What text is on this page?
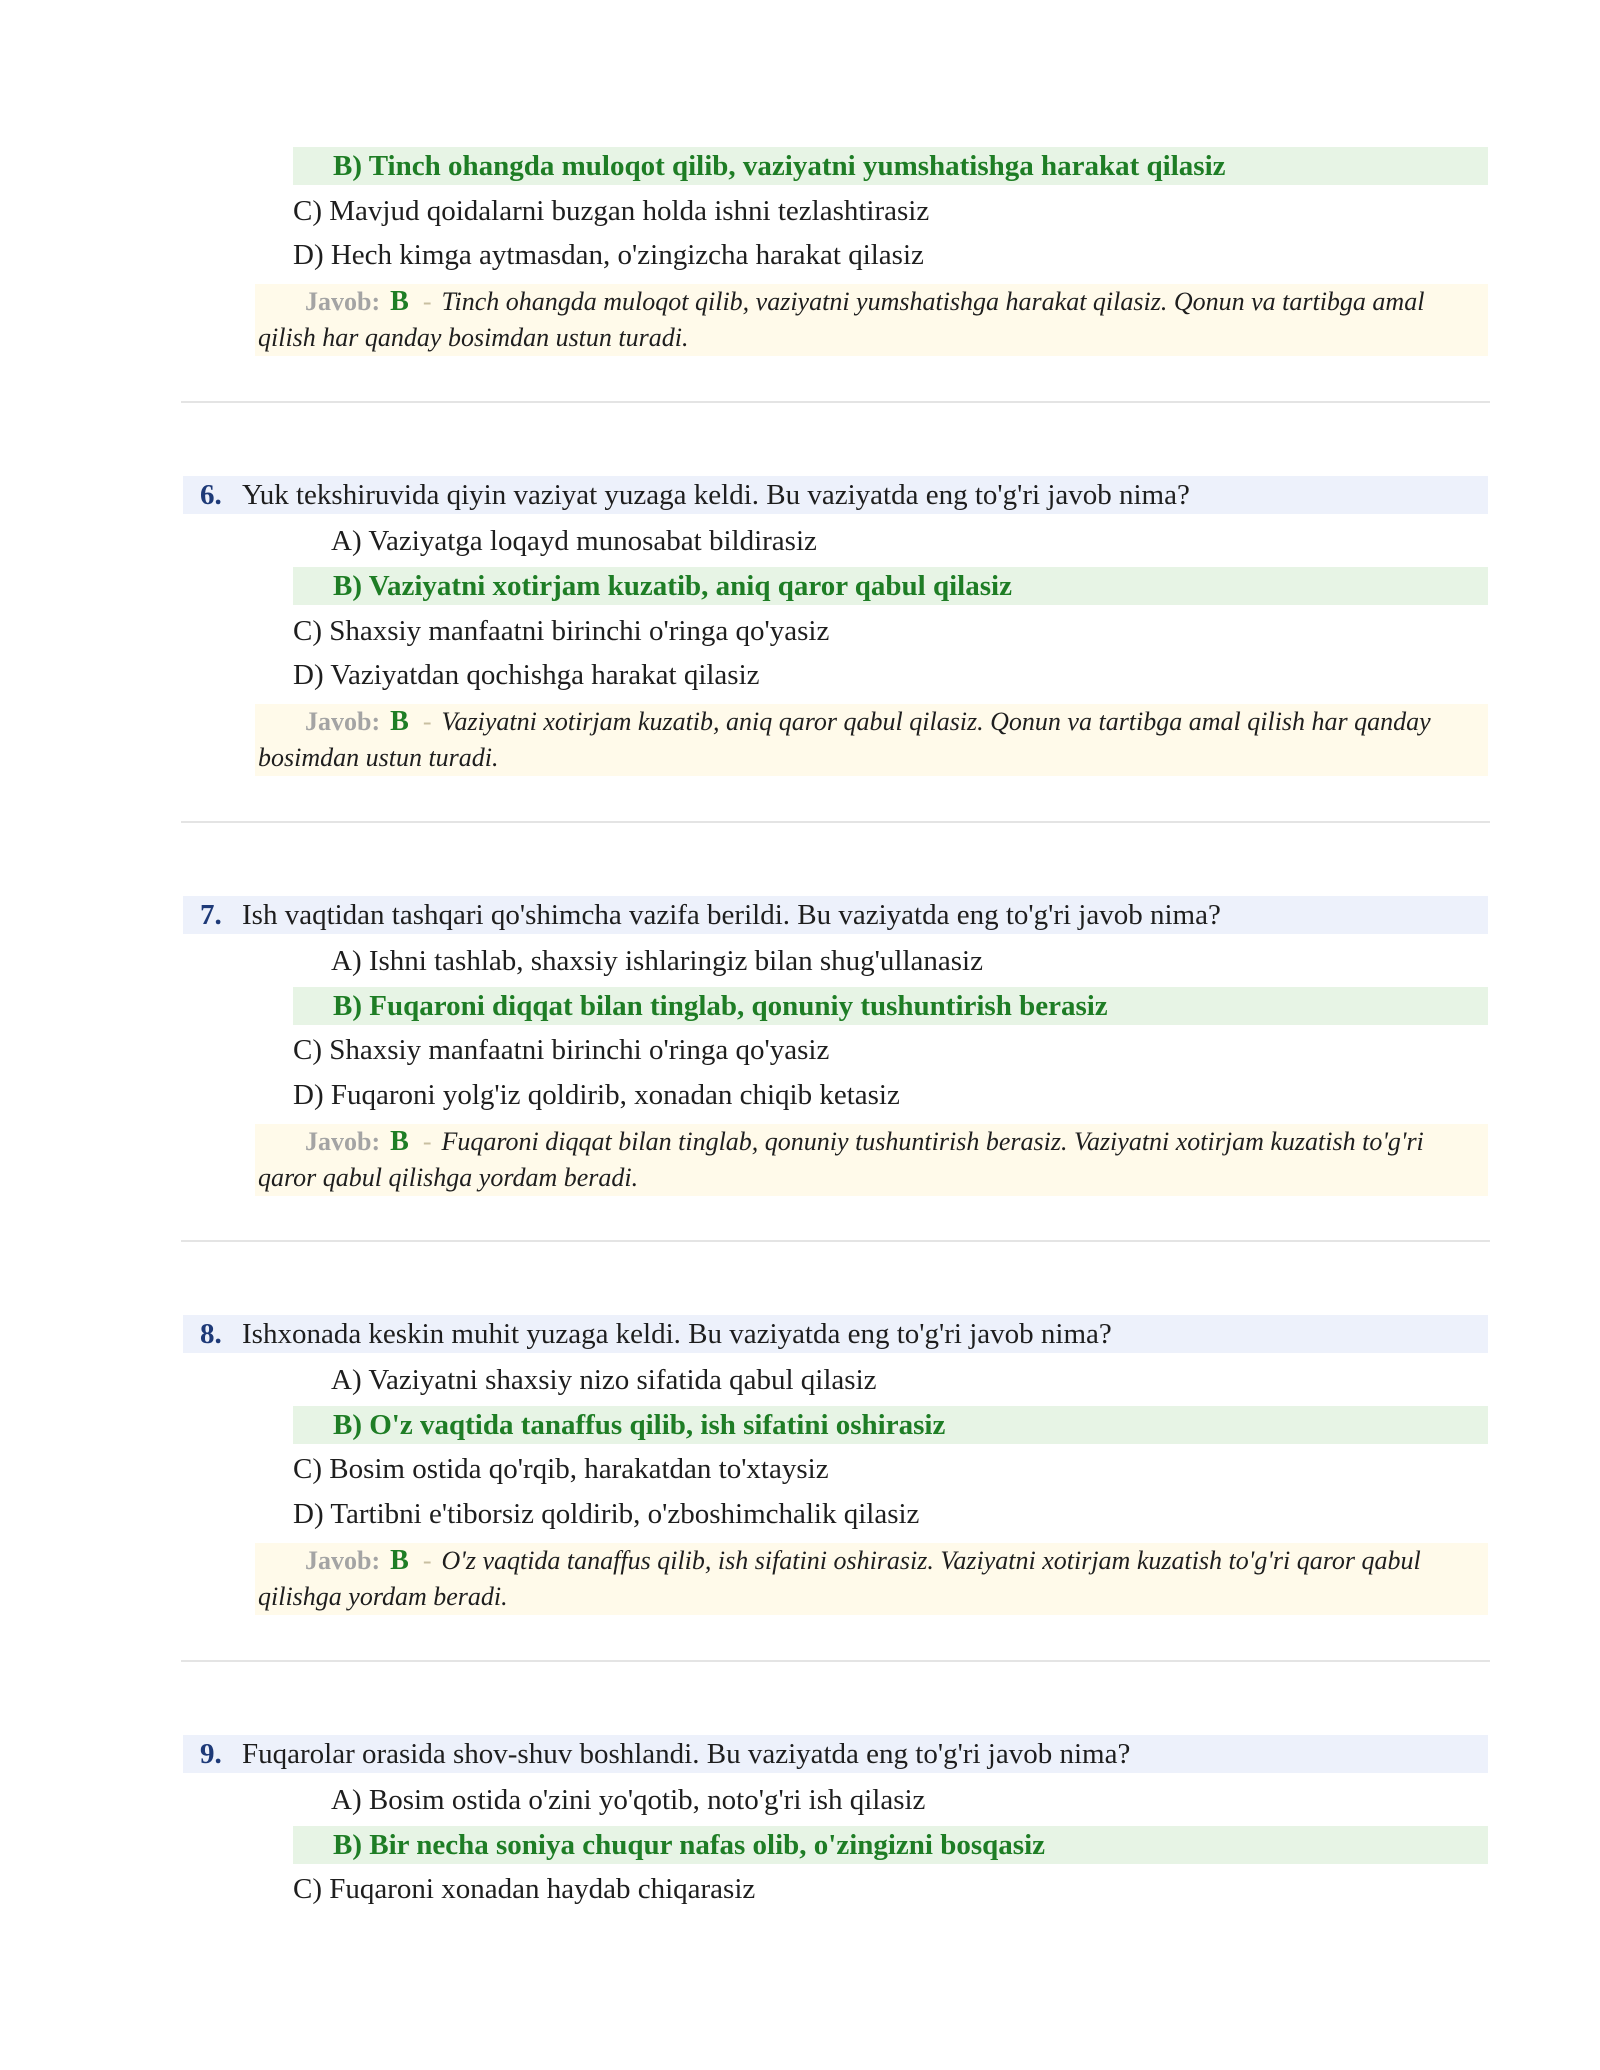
B) Tinch ohangda muloqot qilib, vaziyatni yumshatishga harakat qilasiz
C) Mavjud qoidalarni buzgan holda ishni tezlashtirasiz
D) Hech kimga aytmasdan, o'zingizcha harakat qilasiz
Javob: B - Tinch ohangda muloqot qilib, vaziyatni yumshatishga harakat qilasiz. Qonun va tartibga amal qilish har qanday bosimdan ustun turadi.
6. Yuk tekshiruvida qiyin vaziyat yuzaga keldi. Bu vaziyatda eng to'g'ri javob nima?
A) Vaziyatga loqayd munosabat bildirasiz
B) Vaziyatni xotirjam kuzatib, aniq qaror qabul qilasiz
C) Shaxsiy manfaatni birinchi o'ringa qo'yasiz
D) Vaziyatdan qochishga harakat qilasiz
Javob: B - Vaziyatni xotirjam kuzatib, aniq qaror qabul qilasiz. Qonun va tartibga amal qilish har qanday bosimdan ustun turadi.
7. Ish vaqtidan tashqari qo'shimcha vazifa berildi. Bu vaziyatda eng to'g'ri javob nima?
A) Ishni tashlab, shaxsiy ishlaringiz bilan shug'ullanasiz
B) Fuqaroni diqqat bilan tinglab, qonuniy tushuntirish berasiz
C) Shaxsiy manfaatni birinchi o'ringa qo'yasiz
D) Fuqaroni yolg'iz qoldirib, xonadan chiqib ketasiz
Javob: B - Fuqaroni diqqat bilan tinglab, qonuniy tushuntirish berasiz. Vaziyatni xotirjam kuzatish to'g'ri qaror qabul qilishga yordam beradi.
8. Ishxonada keskin muhit yuzaga keldi. Bu vaziyatda eng to'g'ri javob nima?
A) Vaziyatni shaxsiy nizo sifatida qabul qilasiz
B) O'z vaqtida tanaffus qilib, ish sifatini oshirasiz
C) Bosim ostida qo'rqib, harakatdan to'xtaysiz
D) Tartibni e'tiborsiz qoldirib, o'zboshimchalik qilasiz
Javob: B - O'z vaqtida tanaffus qilib, ish sifatini oshirasiz. Vaziyatni xotirjam kuzatish to'g'ri qaror qabul qilishga yordam beradi.
9. Fuqarolar orasida shov-shuv boshlandi. Bu vaziyatda eng to'g'ri javob nima?
A) Bosim ostida o'zini yo'qotib, noto'g'ri ish qilasiz
B) Bir necha soniya chuqur nafas olib, o'zingizni bosqasiz
C) Fuqaroni xonadan haydab chiqarasiz
